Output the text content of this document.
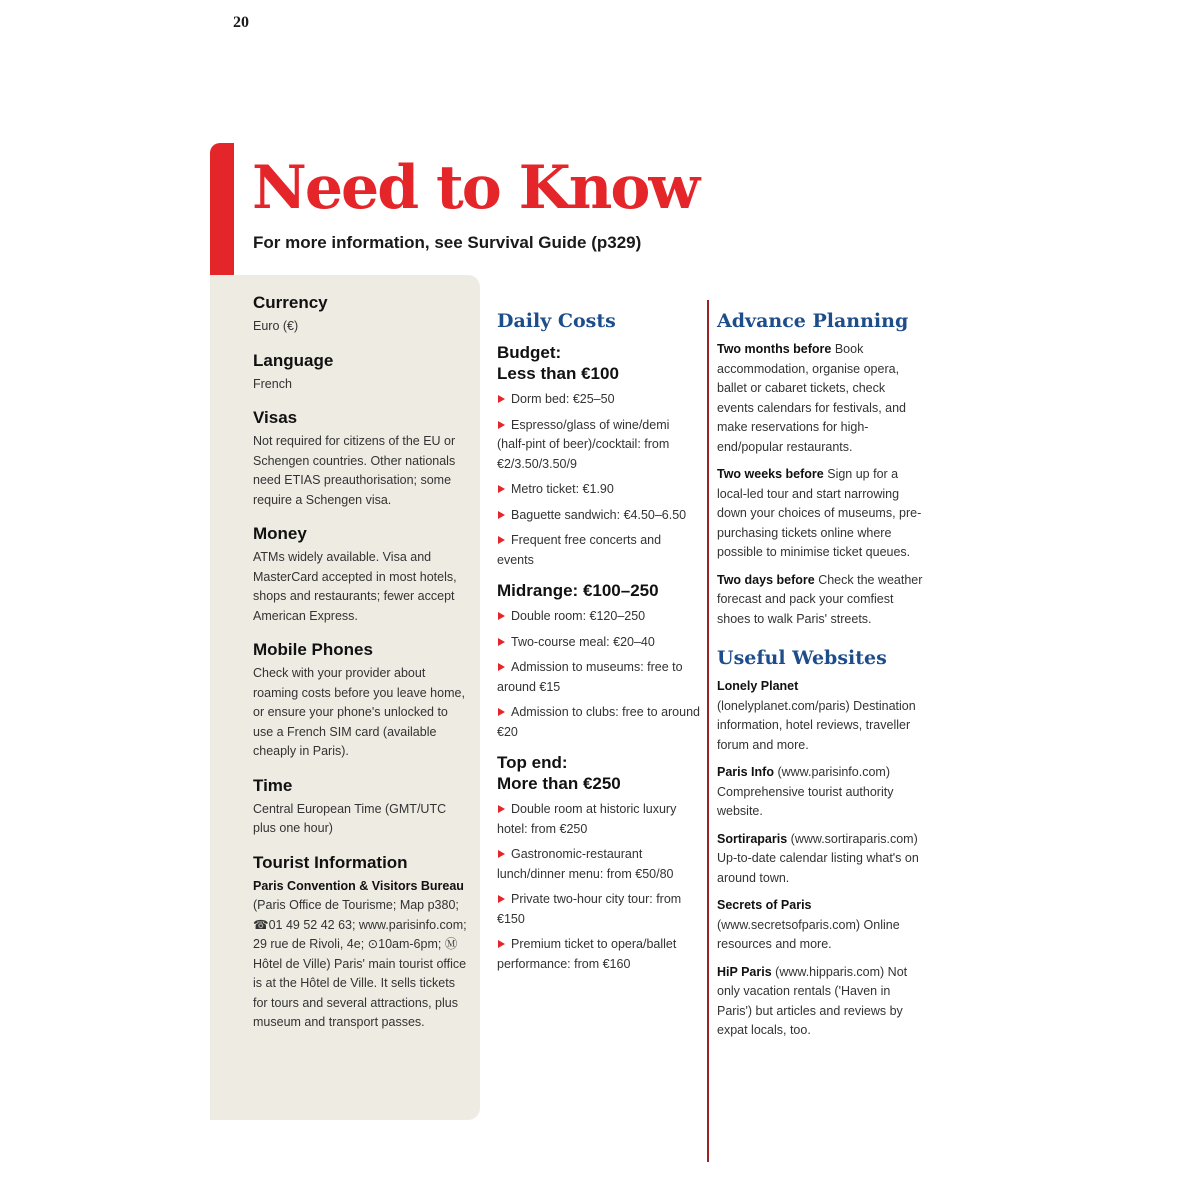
20
Need to Know
For more information, see Survival Guide (p329)
Currency

Euro (€)

Language

French

Visas

Not required for citizens of the EU or Schengen countries. Other nationals need ETIAS preauthorisation; some require a Schengen visa.

Money

ATMs widely available. Visa and MasterCard accepted in most hotels, shops and restaurants; fewer accept American Express.

Mobile Phones

Check with your provider about roaming costs before you leave home, or ensure your phone's unlocked to use a French SIM card (available cheaply in Paris).

Time

Central European Time (GMT/UTC plus one hour)

Tourist Information

Paris Convention & Visitors Bureau (Paris Office de Tourisme; Map p380; ☎01 49 52 42 63; www.parisinfo.com; 29 rue de Rivoli, 4e; ⊙10am-6pm; Ⓜ Hôtel de Ville) Paris' main tourist office is at the Hôtel de Ville. It sells tickets for tours and several attractions, plus museum and transport passes.

Daily Costs
Budget:
Less than €100
Dorm bed: €25–50
Espresso/glass of wine/demi (half-pint of beer)/cocktail: from €2/3.50/3.50/9
Metro ticket: €1.90
Baguette sandwich: €4.50–6.50
Frequent free concerts and events
Midrange: €100–250
Double room: €120–250
Two-course meal: €20–40
Admission to museums: free to around €15
Admission to clubs: free to around €20
Top end:
More than €250
Double room at historic luxury hotel: from €250
Gastronomic-restaurant lunch/dinner menu: from €50/80
Private two-hour city tour: from €150
Premium ticket to opera/ballet performance: from €160
Advance Planning

Two months before Book accommodation, organise opera, ballet or cabaret tickets, check events calendars for festivals, and make reservations for high-end/popular restaurants.

Two weeks before Sign up for a local-led tour and start narrowing down your choices of museums, pre-purchasing tickets online where possible to minimise ticket queues.

Two days before Check the weather forecast and pack your comfiest shoes to walk Paris' streets.

Useful Websites

Lonely Planet (lonelyplanet.com/paris) Destination information, hotel reviews, traveller forum and more.

Paris Info (www.parisinfo.com) Comprehensive tourist authority website.

Sortiraparis (www.sortiraparis.com) Up-to-date calendar listing what's on around town.

Secrets of Paris (www.secretsofparis.com) Online resources and more.

HiP Paris (www.hipparis.com) Not only vacation rentals ('Haven in Paris') but articles and reviews by expat locals, too.
